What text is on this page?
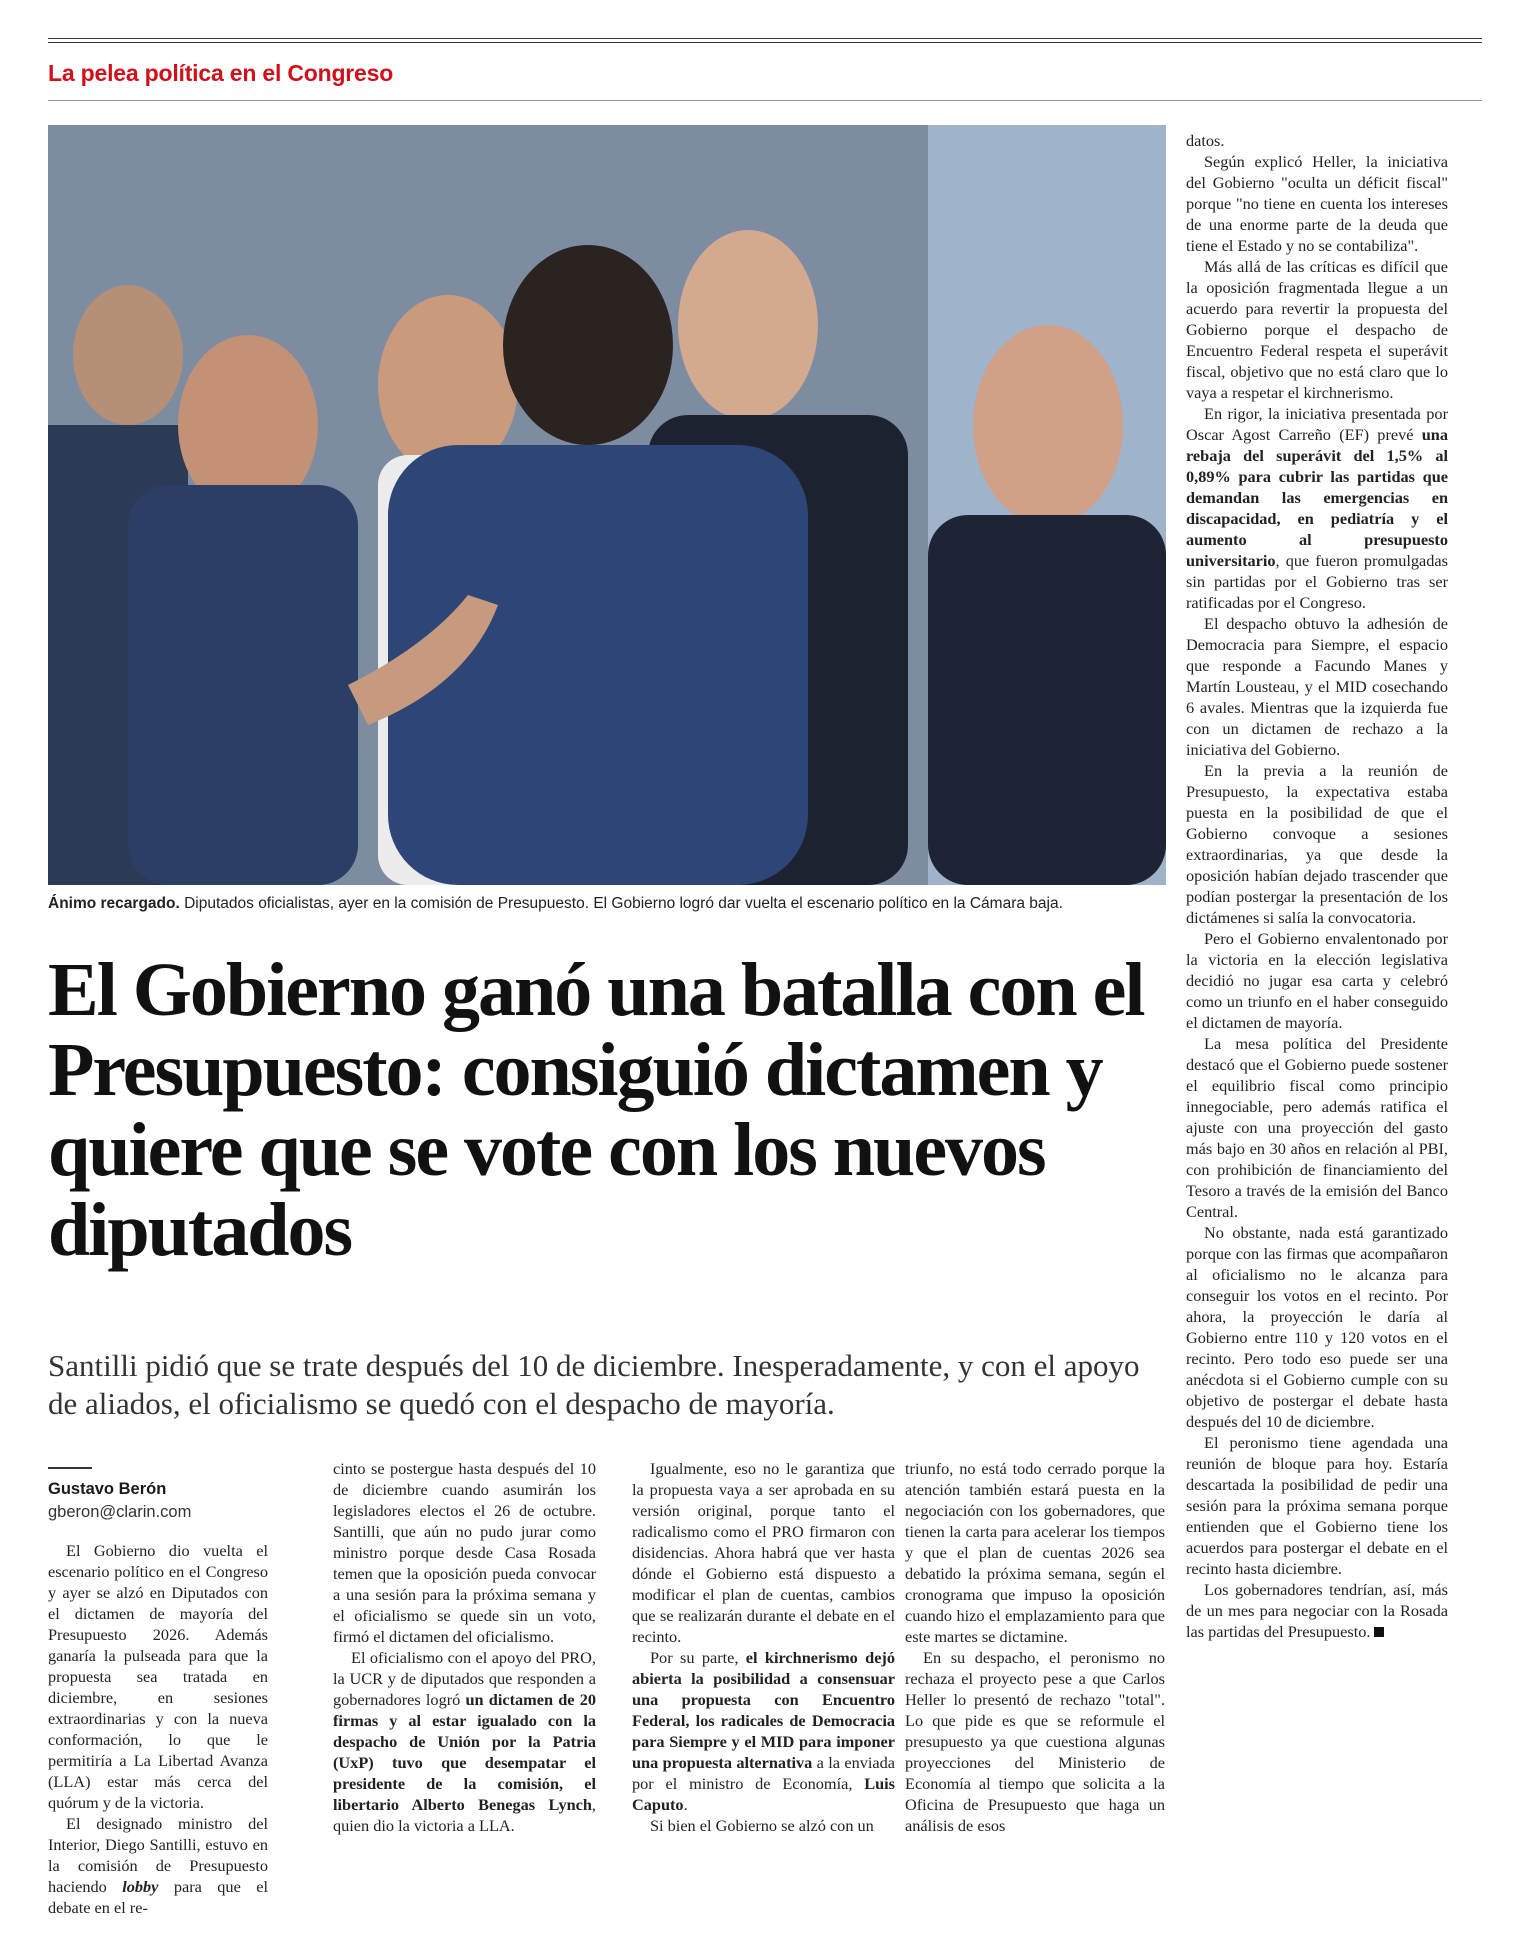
La pelea política en el Congreso
Ánimo recargado. Diputados oficialistas, ayer en la comisión de Presupuesto. El Gobierno logró dar vuelta el escenario político en la Cámara baja.
El Gobierno ganó una batalla con el Presupuesto: consiguió dictamen y quiere que se vote con los nuevos diputados
Santilli pidió que se trate después del 10 de diciembre. Inesperadamente, y con el apoyo de aliados, el oficialismo se quedó con el despacho de mayoría.
Gustavo Berón
gberon@clarin.com

El Gobierno dio vuelta el escenario político en el Congreso y ayer se alzó en Diputados con el dictamen de mayoría del Presupuesto 2026. Además ganaría la pulseada para que la propuesta sea tratada en diciembre, en sesiones extraordinarias y con la nueva conformación, lo que le permitiría a La Libertad Avanza (LLA) estar más cerca del quórum y de la victoria.

El designado ministro del Interior, Diego Santilli, estuvo en la comisión de Presupuesto haciendo lobby para que el debate en el re-

cinto se postergue hasta después del 10 de diciembre cuando asumirán los legisladores electos el 26 de octubre. Santilli, que aún no pudo jurar como ministro porque desde Casa Rosada temen que la oposición pueda convocar a una sesión para la próxima semana y el oficialismo se quede sin un voto, firmó el dictamen del oficialismo.

El oficialismo con el apoyo del PRO, la UCR y de diputados que responden a gobernadores logró un dictamen de 20 firmas y al estar igualado con la despacho de Unión por la Patria (UxP) tuvo que desempatar el presidente de la comisión, el libertario Alberto Benegas Lynch, quien dio la victoria a LLA.

Igualmente, eso no le garantiza que la propuesta vaya a ser aprobada en su versión original, porque tanto el radicalismo como el PRO firmaron con disidencias. Ahora habrá que ver hasta dónde el Gobierno está dispuesto a modificar el plan de cuentas, cambios que se realizarán durante el debate en el recinto.

Por su parte, el kirchnerismo dejó abierta la posibilidad a consensuar una propuesta con Encuentro Federal, los radicales de Democracia para Siempre y el MID para imponer una propuesta alternativa a la enviada por el ministro de Economía, Luis Caputo.

Si bien el Gobierno se alzó con un

triunfo, no está todo cerrado porque la atención también estará puesta en la negociación con los gobernadores, que tienen la carta para acelerar los tiempos y que el plan de cuentas 2026 sea debatido la próxima semana, según el cronograma que impuso la oposición cuando hizo el emplazamiento para que este martes se dictamine.

En su despacho, el peronismo no rechaza el proyecto pese a que Carlos Heller lo presentó de rechazo "total". Lo que pide es que se reformule el presupuesto ya que cuestiona algunas proyecciones del Ministerio de Economía al tiempo que solicita a la Oficina de Presupuesto que haga un análisis de esos

datos.

Según explicó Heller, la iniciativa del Gobierno "oculta un déficit fiscal" porque "no tiene en cuenta los intereses de una enorme parte de la deuda que tiene el Estado y no se contabiliza".

Más allá de las críticas es difícil que la oposición fragmentada llegue a un acuerdo para revertir la propuesta del Gobierno porque el despacho de Encuentro Federal respeta el superávit fiscal, objetivo que no está claro que lo vaya a respetar el kirchnerismo.

En rigor, la iniciativa presentada por Oscar Agost Carreño (EF) prevé una rebaja del superávit del 1,5% al 0,89% para cubrir las partidas que demandan las emergencias en discapacidad, en pediatría y el aumento al presupuesto universitario, que fueron promulgadas sin partidas por el Gobierno tras ser ratificadas por el Congreso.

El despacho obtuvo la adhesión de Democracia para Siempre, el espacio que responde a Facundo Manes y Martín Lousteau, y el MID cosechando 6 avales. Mientras que la izquierda fue con un dictamen de rechazo a la iniciativa del Gobierno.

En la previa a la reunión de Presupuesto, la expectativa estaba puesta en la posibilidad de que el Gobierno convoque a sesiones extraordinarias, ya que desde la oposición habían dejado trascender que podían postergar la presentación de los dictámenes si salía la convocatoria.

Pero el Gobierno envalentonado por la victoria en la elección legislativa decidió no jugar esa carta y celebró como un triunfo en el haber conseguido el dictamen de mayoría.

La mesa política del Presidente destacó que el Gobierno puede sostener el equilibrio fiscal como principio innegociable, pero además ratifica el ajuste con una proyección del gasto más bajo en 30 años en relación al PBI, con prohibición de financiamiento del Tesoro a través de la emisión del Banco Central.

No obstante, nada está garantizado porque con las firmas que acompañaron al oficialismo no le alcanza para conseguir los votos en el recinto. Por ahora, la proyección le daría al Gobierno entre 110 y 120 votos en el recinto. Pero todo eso puede ser una anécdota si el Gobierno cumple con su objetivo de postergar el debate hasta después del 10 de diciembre.

El peronismo tiene agendada una reunión de bloque para hoy. Estaría descartada la posibilidad de pedir una sesión para la próxima semana porque entienden que el Gobierno tiene los acuerdos para postergar el debate en el recinto hasta diciembre.

Los gobernadores tendrían, así, más de un mes para negociar con la Rosada las partidas del Presupuesto.
